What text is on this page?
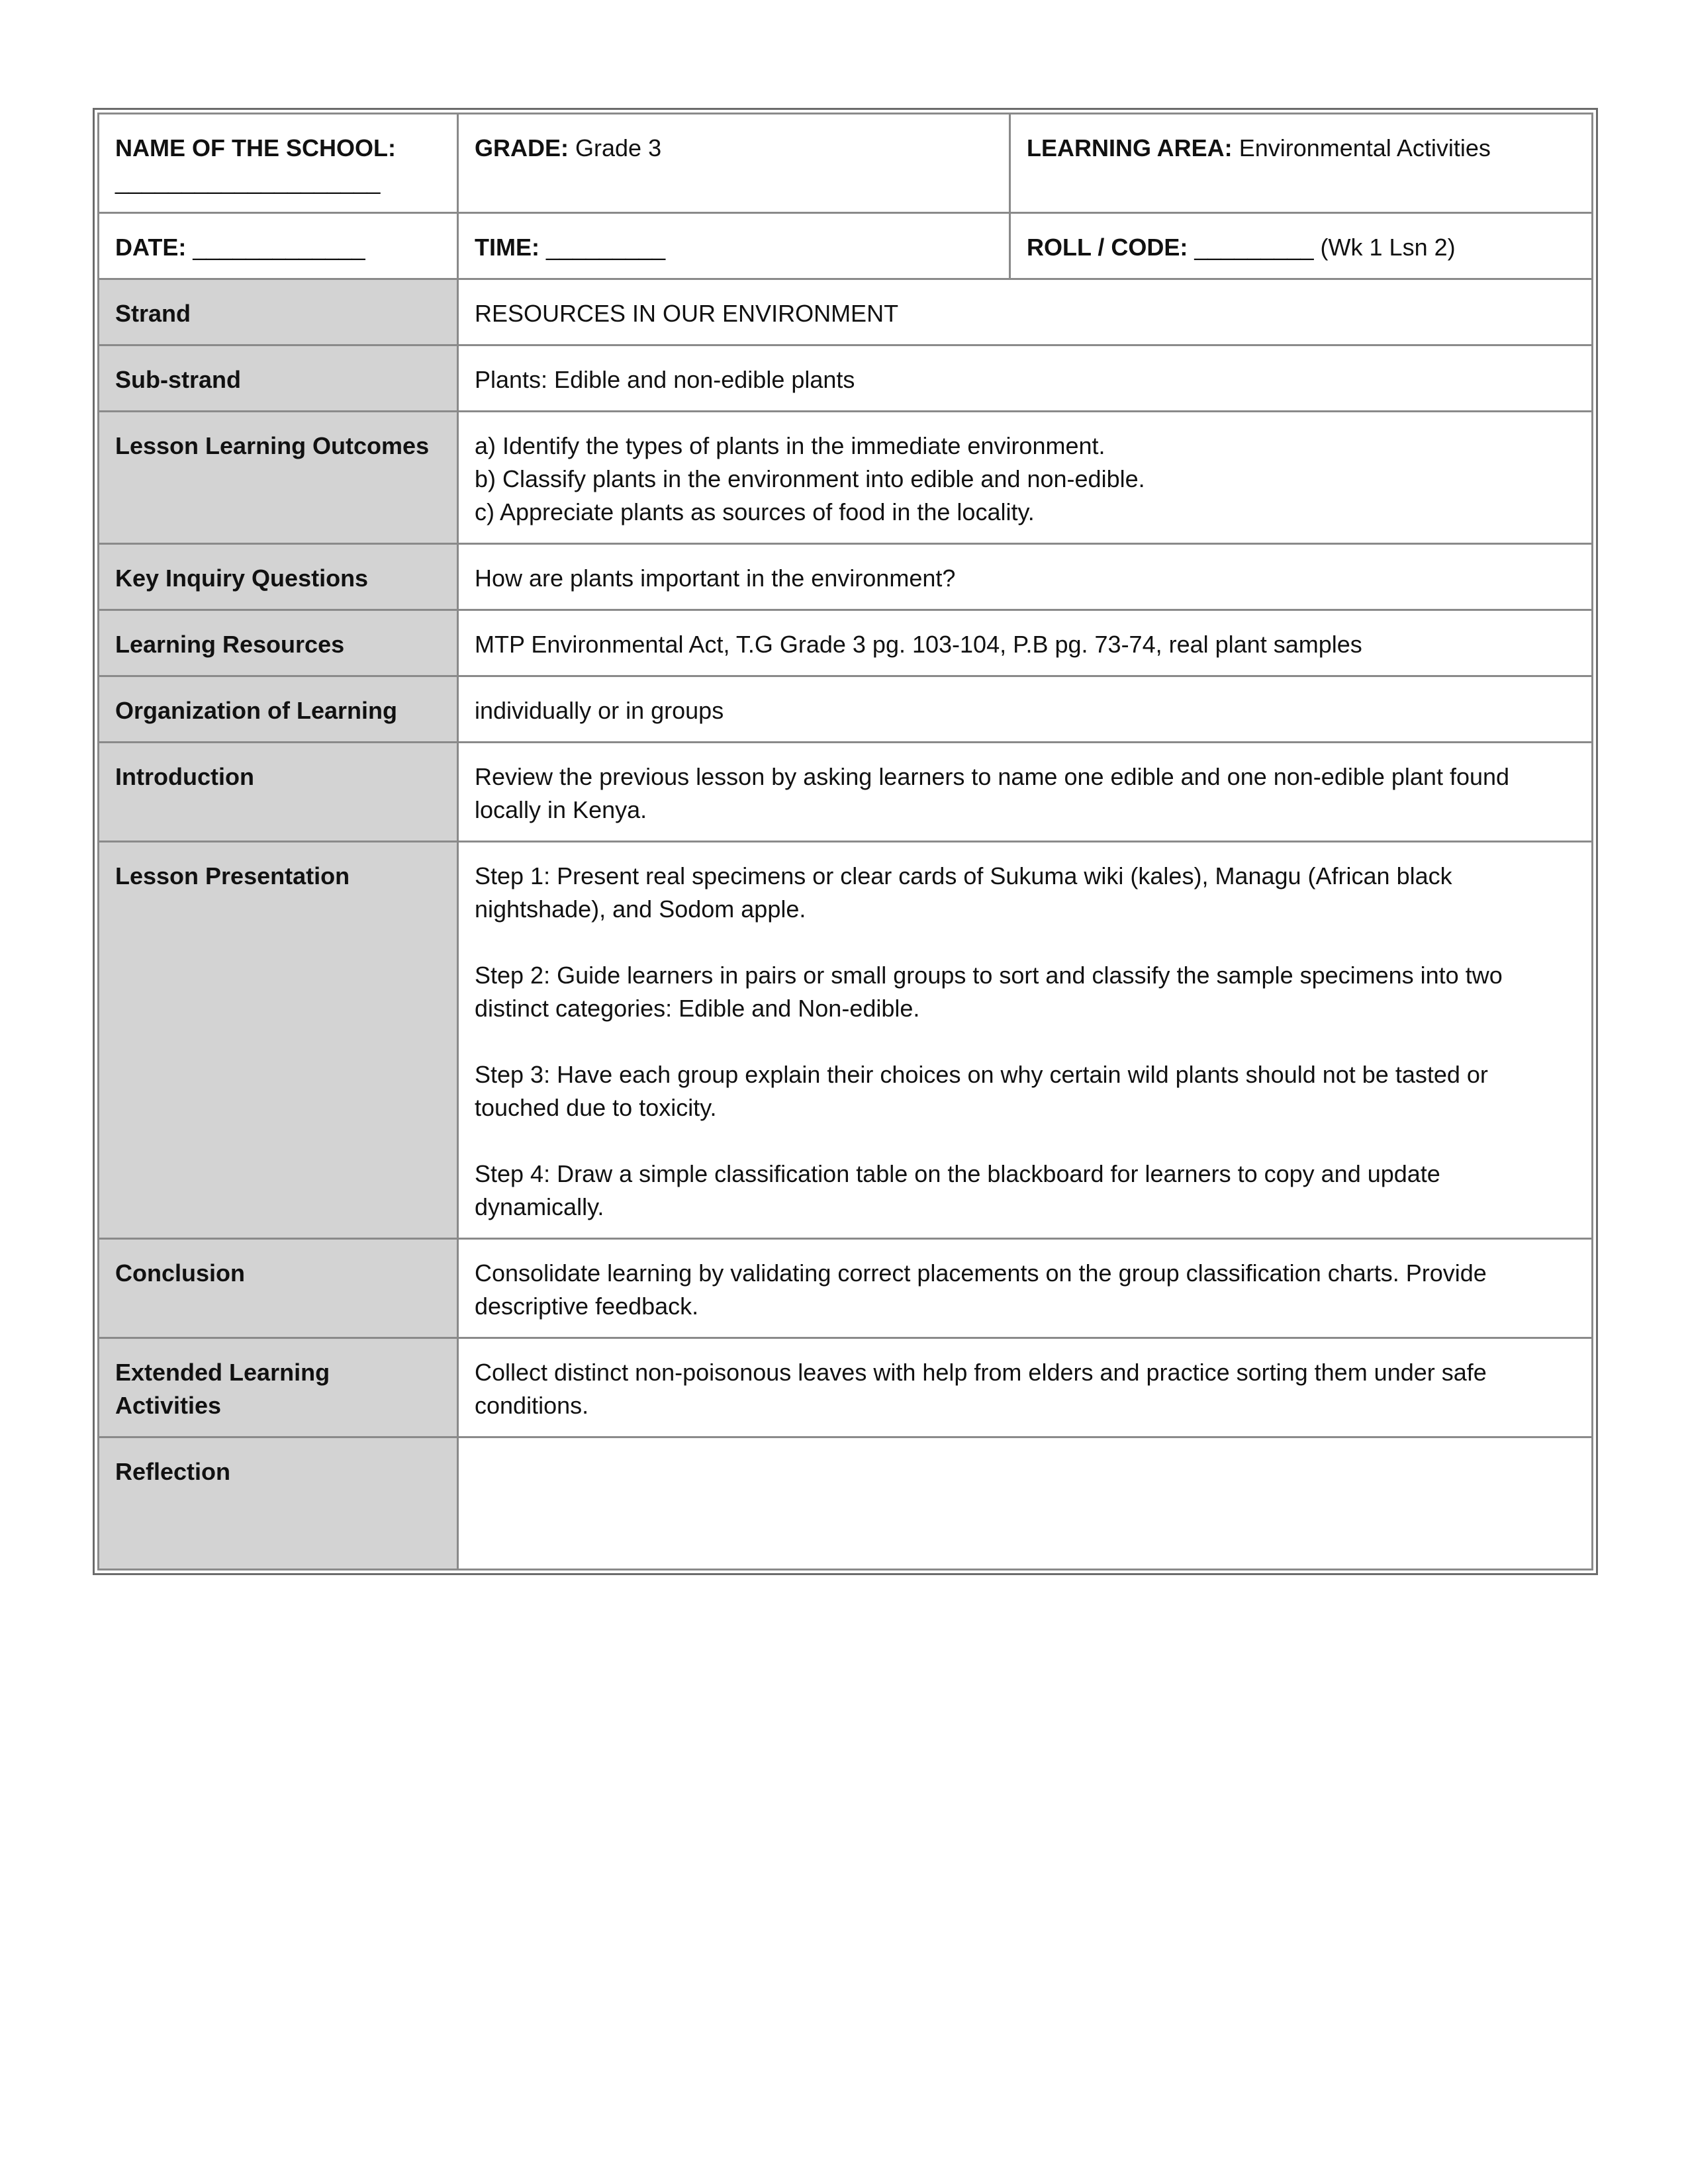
NAME OF THE SCHOOL:
____________________	GRADE: Grade 3	LEARNING AREA: Environmental Activities
DATE: _____________	TIME: _________	ROLL / CODE: _________ (Wk 1 Lsn 2)
Strand	RESOURCES IN OUR ENVIRONMENT	
Sub-strand	Plants: Edible and non-edible plants	
Lesson Learning Outcomes	a) Identify the types of plants in the immediate environment.
b) Classify plants in the environment into edible and non-edible.
c) Appreciate plants as sources of food in the locality.	

Key Inquiry Questions	How are plants important in the environment?	
Learning Resources	MTP Environmental Act, T.G Grade 3 pg. 103-104, P.B pg. 73-74, real plant samples	
Organization of Learning	individually or in groups	
Introduction	Review the previous lesson by asking learners to name one edible and one non-edible plant found locally in Kenya.	
Lesson Presentation	Step 1: Present real specimens or clear cards of Sukuma wiki (kales), Managu (African black nightshade), and Sodom apple.
Step 2: Guide learners in pairs or small groups to sort and classify the sample specimens into two distinct categories: Edible and Non-edible.
Step 3: Have each group explain their choices on why certain wild plants should not be tasted or touched due to toxicity.
Step 4: Draw a simple classification table on the blackboard for learners to copy and update dynamically.	

Conclusion	Consolidate learning by validating correct placements on the group classification charts. Provide descriptive feedback.	
Extended Learning Activities	Collect distinct non-poisonous leaves with help from elders and practice sorting them under safe conditions.	
Reflection		
